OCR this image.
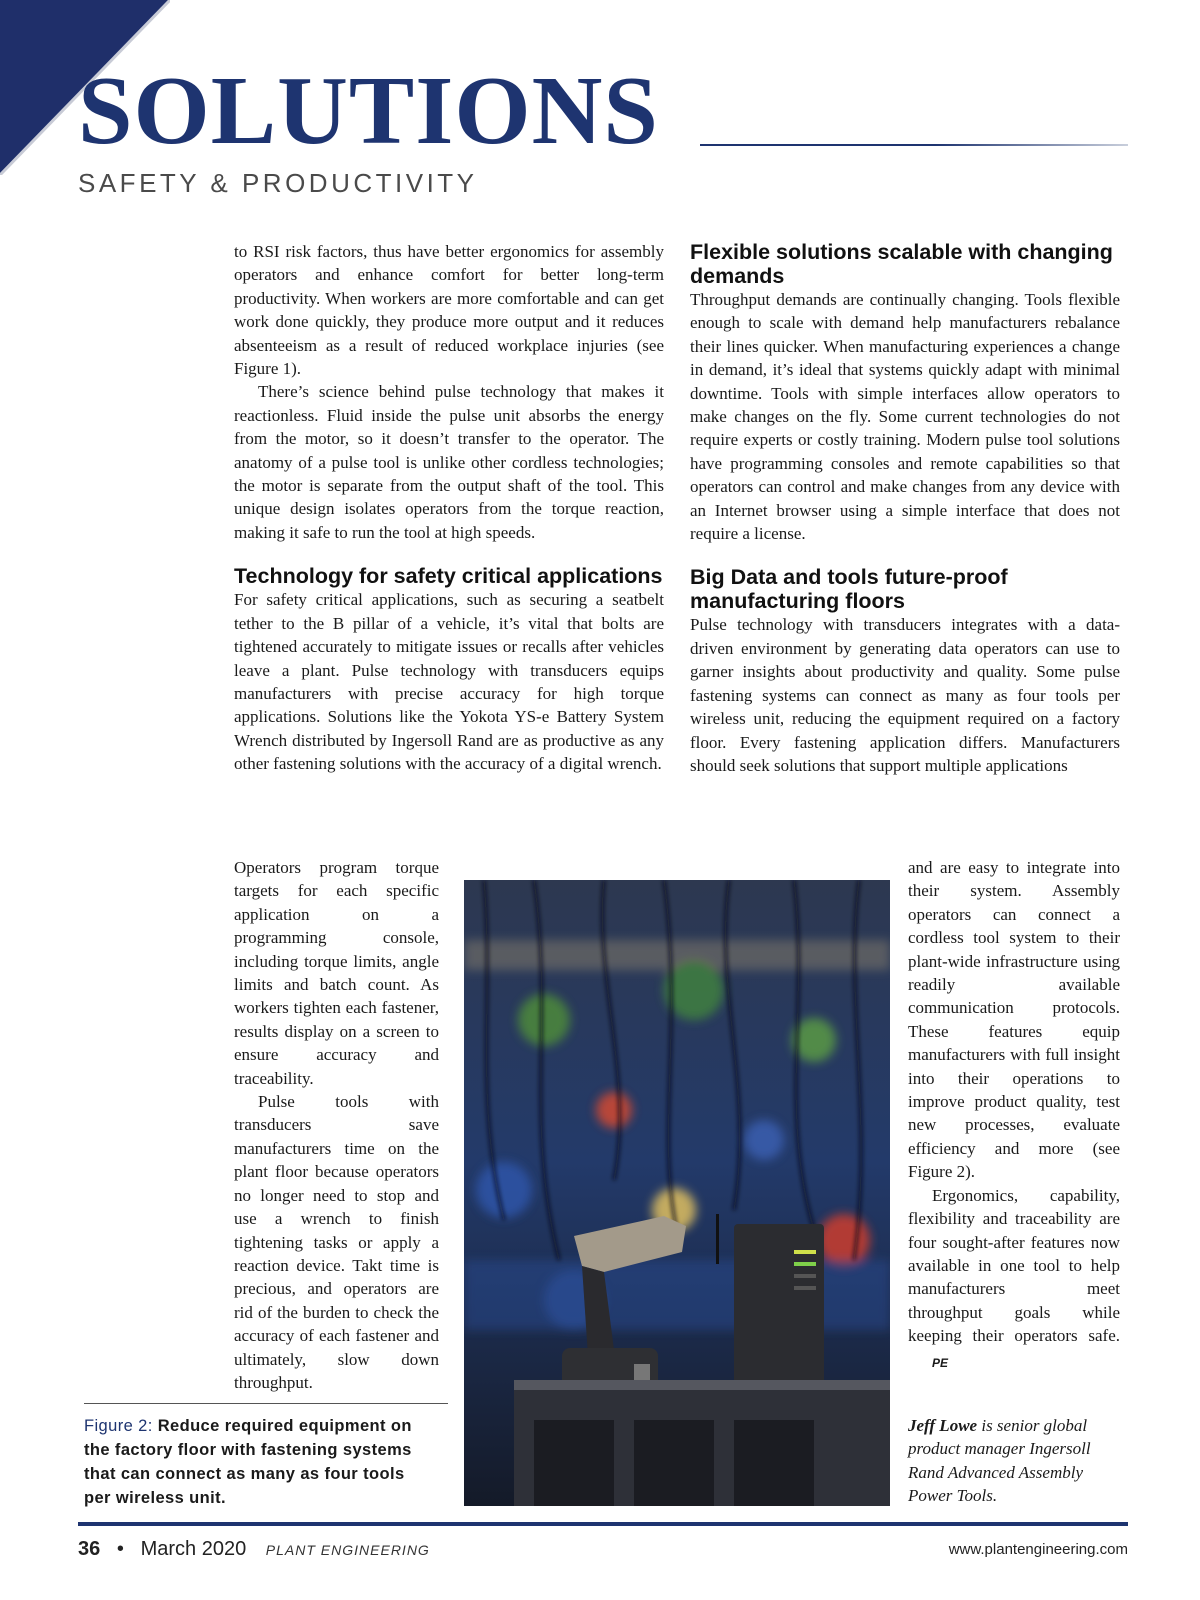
SOLUTIONS
SAFETY & PRODUCTIVITY

to RSI risk factors, thus have better ergonomics for assembly operators and enhance comfort for better long-term productivity. When workers are more comfortable and can get work done quickly, they produce more output and it reduces absenteeism as a result of reduced workplace injuries (see Figure 1).

There’s science behind pulse technology that makes it reactionless. Fluid inside the pulse unit absorbs the energy from the motor, so it doesn’t transfer to the operator. The anatomy of a pulse tool is unlike other cordless technologies; the motor is separate from the output shaft of the tool. This unique design isolates operators from the torque reaction, making it safe to run the tool at high speeds.

Technology for safety critical applications

For safety critical applications, such as securing a seatbelt tether to the B pillar of a vehicle, it’s vital that bolts are tightened accurately to mitigate issues or recalls after vehicles leave a plant. Pulse technology with transducers equips manufacturers with precise accuracy for high torque applications. Solutions like the Yokota YS-e Battery System Wrench distributed by Ingersoll Rand are as productive as any other fastening solutions with the accuracy of a digital wrench.

Operators program torque targets for each specific application on a programming console, including torque limits, angle limits and batch count. As workers tighten each fastener, results display on a screen to ensure accuracy and traceability.

Pulse tools with transducers save manufacturers time on the plant floor because operators no longer need to stop and use a wrench to finish tightening tasks or apply a reaction device. Takt time is precious, and operators are rid of the burden to check the accuracy of each fastener and ultimately, slow down throughput.

Flexible solutions scalable with changing demands

Throughput demands are continually changing. Tools flexible enough to scale with demand help manufacturers rebalance their lines quicker. When manufacturing experiences a change in demand, it’s ideal that systems quickly adapt with minimal downtime. Tools with simple interfaces allow operators to make changes on the fly. Some current technologies do not require experts or costly training. Modern pulse tool solutions have programming consoles and remote capabilities so that operators can control and make changes from any device with an Internet browser using a simple interface that does not require a license.

Big Data and tools future-proof manufacturing floors

Pulse technology with transducers integrates with a data-driven environment by generating data operators can use to garner insights about productivity and quality. Some pulse fastening systems can connect as many as four tools per wireless unit, reducing the equipment required on a factory floor. Every fastening application differs. Manufacturers should seek solutions that support multiple applications

and are easy to integrate into their system. Assembly operators can connect a cordless tool system to their plant-wide infrastructure using readily available communication protocols. These features equip manufacturers with full insight into their operations to improve product quality, test new processes, evaluate efficiency and more (see Figure 2).

Ergonomics, capability, flexibility and traceability are four sought-after features now available in one tool to help manufacturers meet throughput goals while keeping their operators safe. PE

Figure 2: Reduce required equipment on the factory floor with fastening systems that can connect as many as four tools per wireless unit.
Jeff Lowe is senior global product manager Ingersoll Rand Advanced Assembly Power Tools.
36 • March 2020 PLANT ENGINEERING	www.plantengineering.com
